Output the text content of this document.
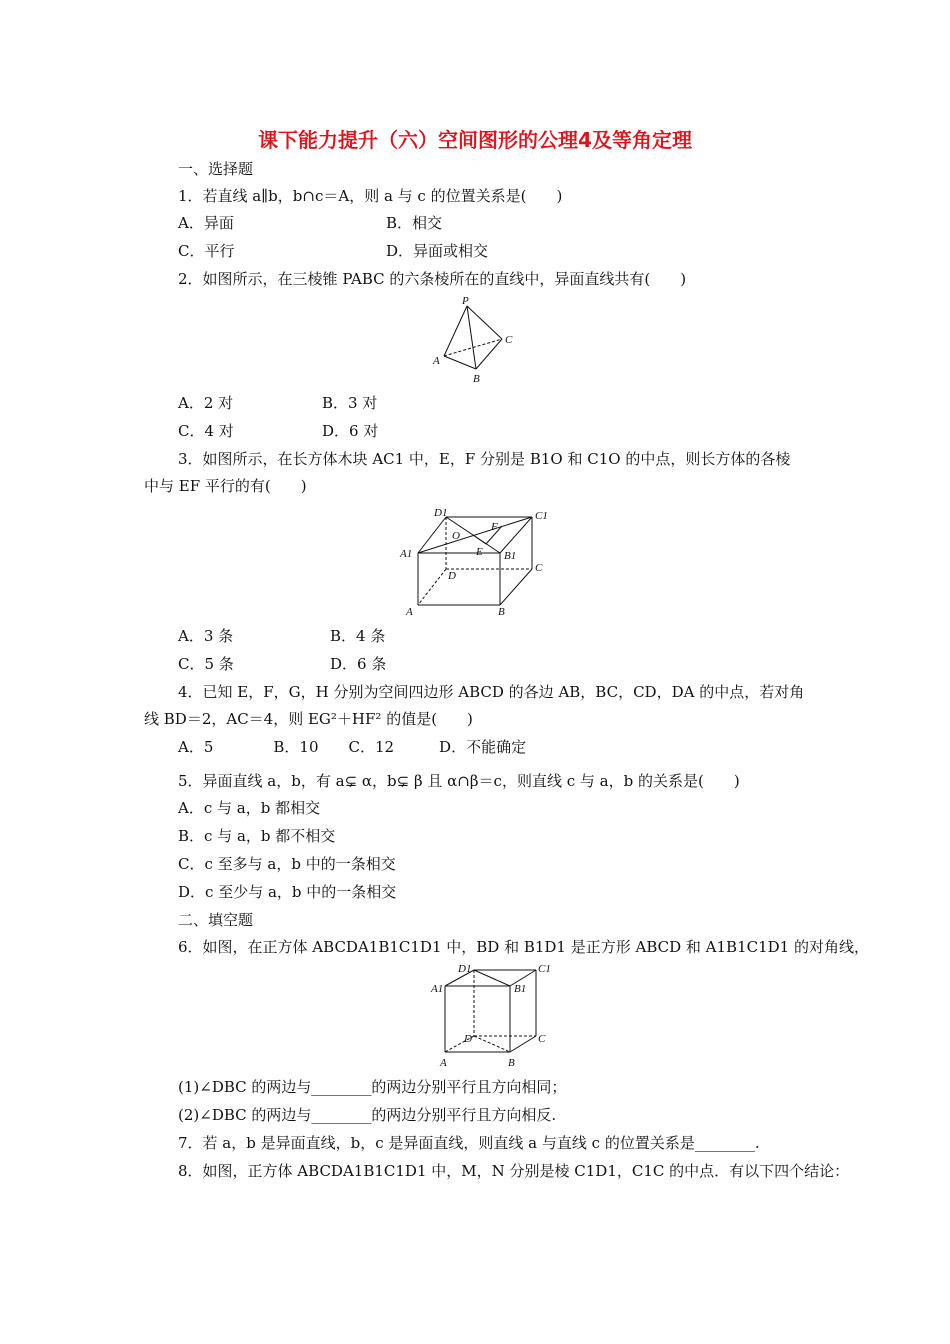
课下能力提升（六）空间图形的公理4及等角定理
一、选择题
1．若直线 a∥b，b∩c＝A，则 a 与 c 的位置关系是(　　)
A．异面	B．相交
C．平行	D．异面或相交
2．如图所示，在三棱锥 PABC 的六条棱所在的直线中，异面直线共有(　　)
P
A
B
C
A．2 对	B．3 对
C．4 对	D．6 对
3．如图所示，在长方体木块 AC1 中，E，F 分别是 B1O 和 C1O 的中点，则长方体的各棱
中与 EF 平行的有(　　)
D1	C1
A1	B1
O
E
F
D
C
A	B
A．3 条	B．4 条
C．5 条	D．6 条
4．已知 E，F，G，H 分别为空间四边形 ABCD 的各边 AB，BC，CD，DA 的中点，若对角
线 BD＝2，AC＝4，则 EG²＋HF² 的值是(　　)
A．5　　　　B．10　　C．12　　　D．不能确定
5．异面直线 a，b，有 a⊊ α，b⊊ β 且 α∩β＝c，则直线 c 与 a，b 的关系是(　　)
A．c 与 a，b 都相交
B．c 与 a，b 都不相交
C．c 至多与 a，b 中的一条相交
D．c 至少与 a，b 中的一条相交
二、填空题
6．如图，在正方体 ABCDA1B1C1D1 中，BD 和 B1D1 是正方形 ABCD 和 A1B1C1D1 的对角线，
D1	C1
A1	B1
D	C
A	B
(1)∠DBC 的两边与________的两边分别平行且方向相同；
(2)∠DBC 的两边与________的两边分别平行且方向相反.
7．若 a，b 是异面直线，b，c 是异面直线，则直线 a 与直线 c 的位置关系是________.
8．如图，正方体 ABCDA1B1C1D1 中，M，N 分别是棱 C1D1，C1C 的中点．有以下四个结论：
